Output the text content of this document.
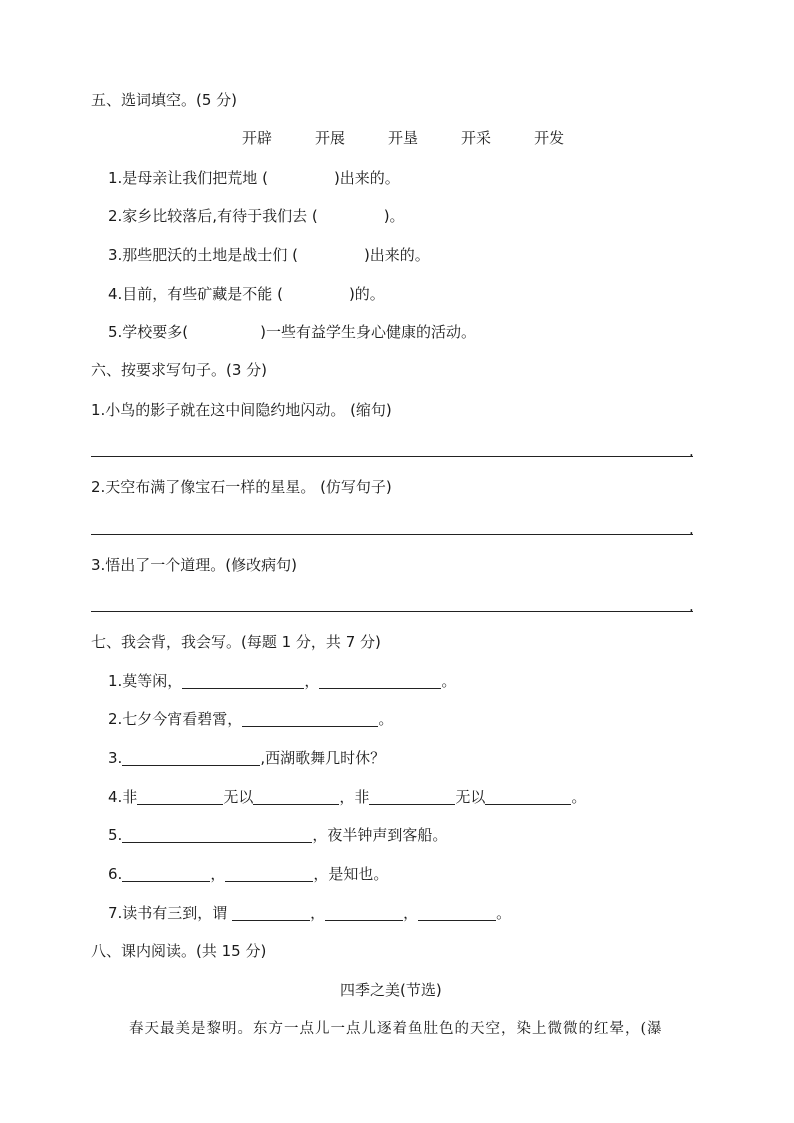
五、选词填空。(5 分)
开辟	开展	开垦	开采	开发
1.是母亲让我们把荒地 (	)出来的。
2.家乡比较落后,有待于我们去 (	)。
3.那些肥沃的土地是战士们 (	)出来的。
4.目前，有些矿藏是不能 (	)的。
5.学校要多(	)一些有益学生身心健康的活动。
六、按要求写句子。(3 分)
1.小鸟的影子就在这中间隐约地闪动。 (缩句)
.
2.天空布满了像宝石一样的星星。 (仿写句子)
.
3.悟出了一个道理。(修改病句)
.
七、我会背，我会写。(每题 1 分，共 7 分)
1.莫等闲，	，	。
2.七夕今宵看碧霄，	。
3.	,西湖歌舞几时休？
4.非	无以	，非	无以	。
5.	，夜半钟声到客船。
6.	，	，是知也。
7.读书有三到，谓	，	，	。
八、课内阅读。(共 15 分)
四季之美(节选)
春天最美是黎明。东方一点儿一点儿逐着鱼肚色的天空，染上微微的红晕，(瀑
